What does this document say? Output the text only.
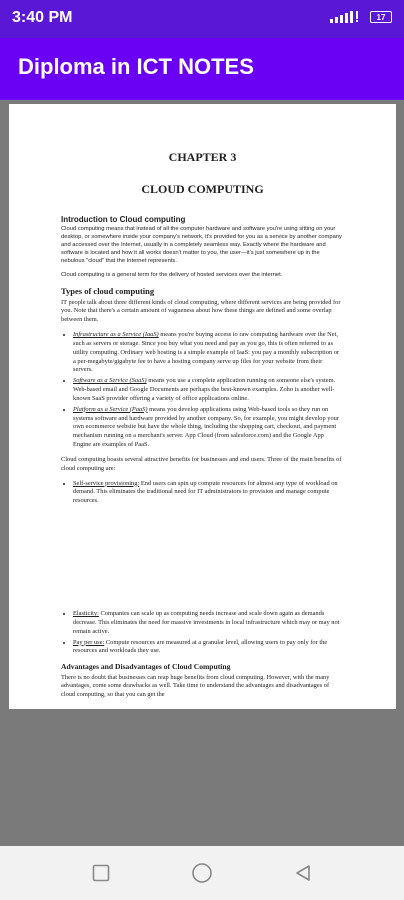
3:40 PM	17
Diploma in ICT NOTES
CHAPTER 3
CLOUD COMPUTING
Introduction to Cloud computing

Cloud computing means that instead of all the computer hardware and software you're using sitting on your desktop, or somewhere inside your company's network, it's provided for you as a service by another company and accessed over the Internet, usually in a completely seamless way. Exactly where the hardware and software is located and how it all works doesn't matter to you, the user—it's just somewhere up in the nebulous "cloud" that the Internet represents.

Cloud computing is a general term for the delivery of hosted services over the internet.

Types of cloud computing

IT people talk about three different kinds of cloud computing, where different services are being provided for you. Note that there's a certain amount of vagueness about how these things are defined and some overlap between them.

• Infrastructure as a Service (IaaS) means you're buying access to raw computing hardware over the Net, such as servers or storage. Since you buy what you need and pay as you go, this is often referred to as utility computing. Ordinary web hosting is a simple example of IaaS: you pay a monthly subscription or a per-megabyte/gigabyte fee to have a hosting company serve up files for your website from their servers.
• Software as a Service (SaaS) means you use a complete application running on someone else's system. Web-based email and Google Documents are perhaps the best-known examples. Zoho is another well-known SaaS provider offering a variety of office applications online.
• Platform as a Service (PaaS) means you develop applications using Web-based tools so they run on systems software and hardware provided by another company. So, for example, you might develop your own ecommerce website but have the whole thing, including the shopping cart, checkout, and payment mechanism running on a merchant's server. App Cloud (from salesforce.com) and the Google App Engine are examples of PaaS.

Cloud computing boasts several attractive benefits for businesses and end users. Three of the main benefits of cloud computing are:

• Self-service provisioning: End users can spin up compute resources for almost any type of workload on demand. This eliminates the traditional need for IT administrators to provision and manage compute resources.
• Elasticity: Companies can scale up as computing needs increase and scale down again as demands decrease. This eliminates the need for massive investments in local infrastructure which may or may not remain active.
• Pay per use: Compute resources are measured at a granular level, allowing users to pay only for the resources and workloads they use.
Advantages and Disadvantages of Cloud Computing

There is no doubt that businesses can reap huge benefits from cloud computing. However, with the many advantages, come some drawbacks as well. Take time to understand the advantages and disadvantages of cloud computing, so that you can get the
